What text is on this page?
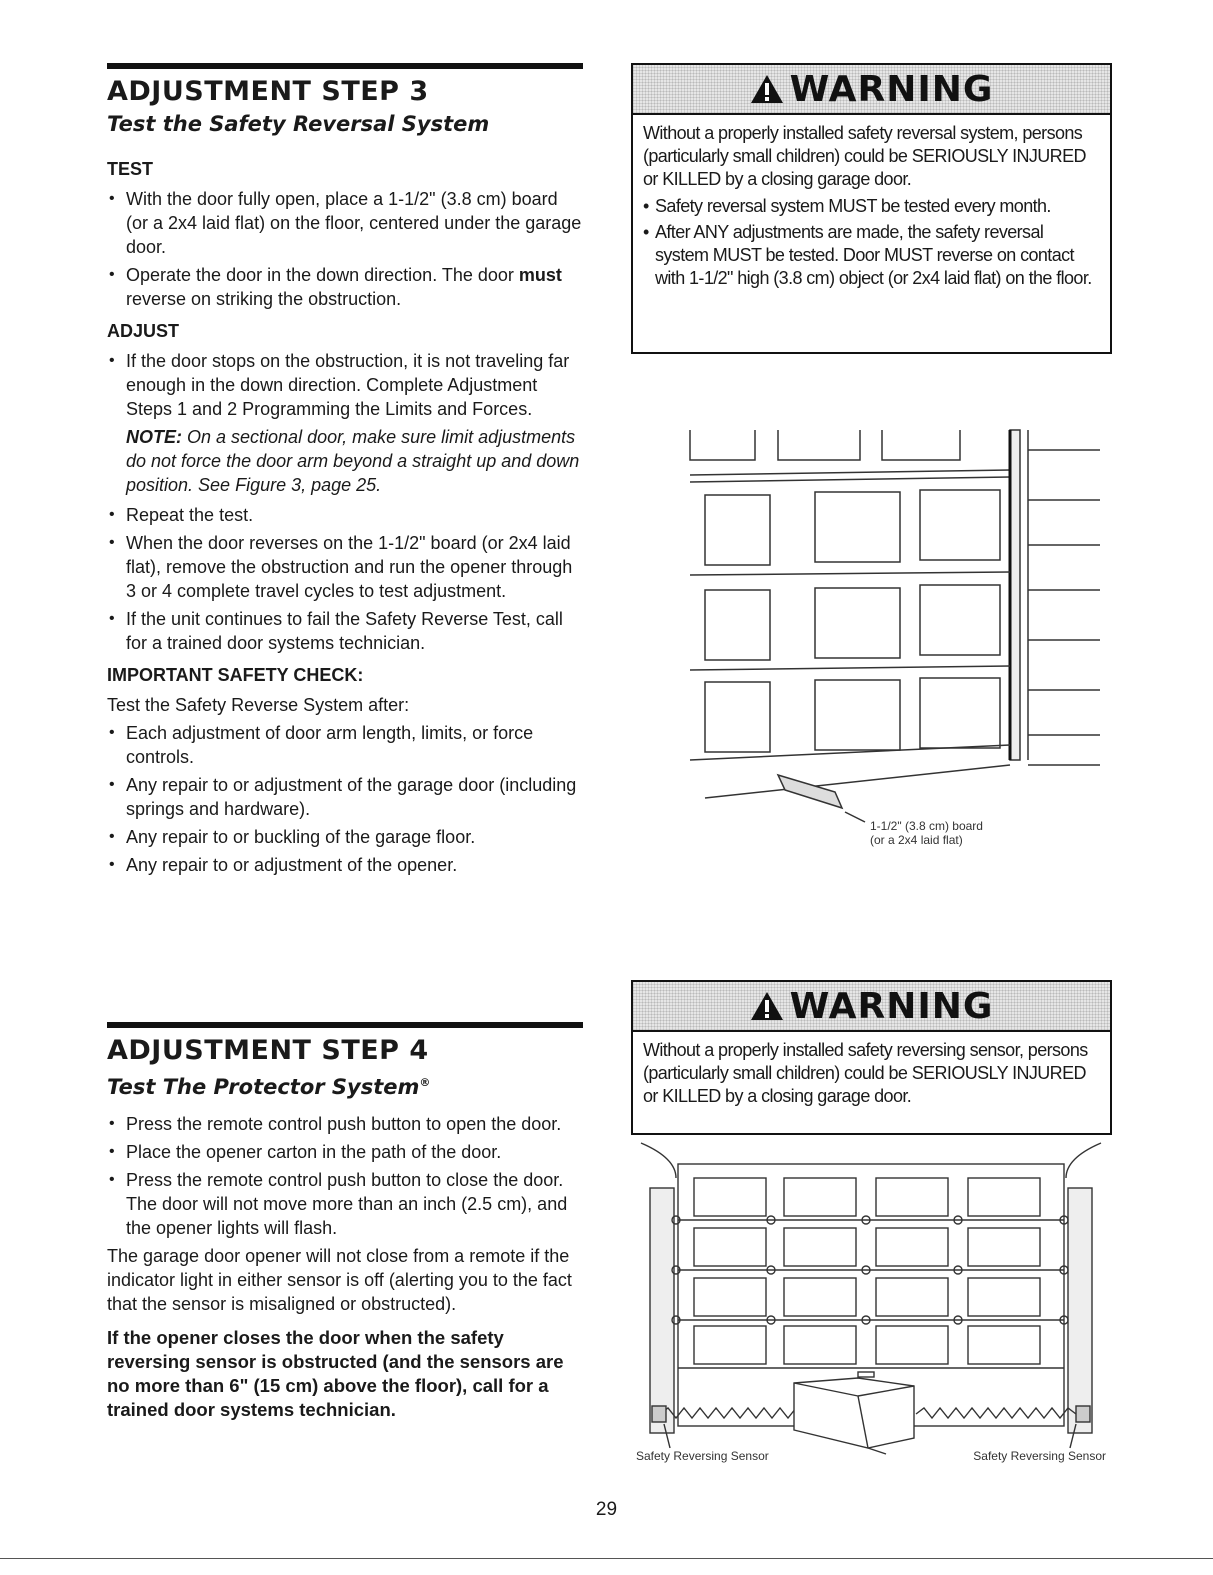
ADJUSTMENT STEP 3
Test the Safety Reversal System
TEST
• With the door fully open, place a 1-1/2" (3.8 cm) board (or a 2x4 laid flat) on the floor, centered under the garage door.
• Operate the door in the down direction. The door must reverse on striking the obstruction.
ADJUST
• If the door stops on the obstruction, it is not traveling far enough in the down direction. Complete Adjustment Steps 1 and 2 Programming the Limits and Forces.
NOTE: On a sectional door, make sure limit adjustments do not force the door arm beyond a straight up and down position. See Figure 3, page 25.
• Repeat the test.
• When the door reverses on the 1-1/2" board (or 2x4 laid flat), remove the obstruction and run the opener through 3 or 4 complete travel cycles to test adjustment.
• If the unit continues to fail the Safety Reverse Test, call for a trained door systems technician.
IMPORTANT SAFETY CHECK:

Test the Safety Reverse System after:

• Each adjustment of door arm length, limits, or force controls.
• Any repair to or adjustment of the garage door (including springs and hardware).
• Any repair to or buckling of the garage floor.
• Any repair to or adjustment of the opener.
ADJUSTMENT STEP 4
Test The Protector System®
• Press the remote control push button to open the door.
• Place the opener carton in the path of the door.
• Press the remote control push button to close the door. The door will not move more than an inch (2.5 cm), and the opener lights will flash.

The garage door opener will not close from a remote if the indicator light in either sensor is off (alerting you to the fact that the sensor is misaligned or obstructed).

If the opener closes the door when the safety reversing sensor is obstructed (and the sensors are no more than 6" (15 cm) above the floor), call for a trained door systems technician.

WARNING

Without a properly installed safety reversal system, persons (particularly small children) could be SERIOUSLY INJURED or KILLED by a closing garage door.

• Safety reversal system MUST be tested every month.
• After ANY adjustments are made, the safety reversal system MUST be tested. Door MUST reverse on contact with 1-1/2" high (3.8 cm) object (or 2x4 laid flat) on the floor.
1-1/2" (3.8 cm) board
(or a 2x4 laid flat)
WARNING

Without a properly installed safety reversing sensor, persons (particularly small children) could be SERIOUSLY INJURED or KILLED by a closing garage door.

Safety Reversing Sensor	Safety Reversing Sensor
29
